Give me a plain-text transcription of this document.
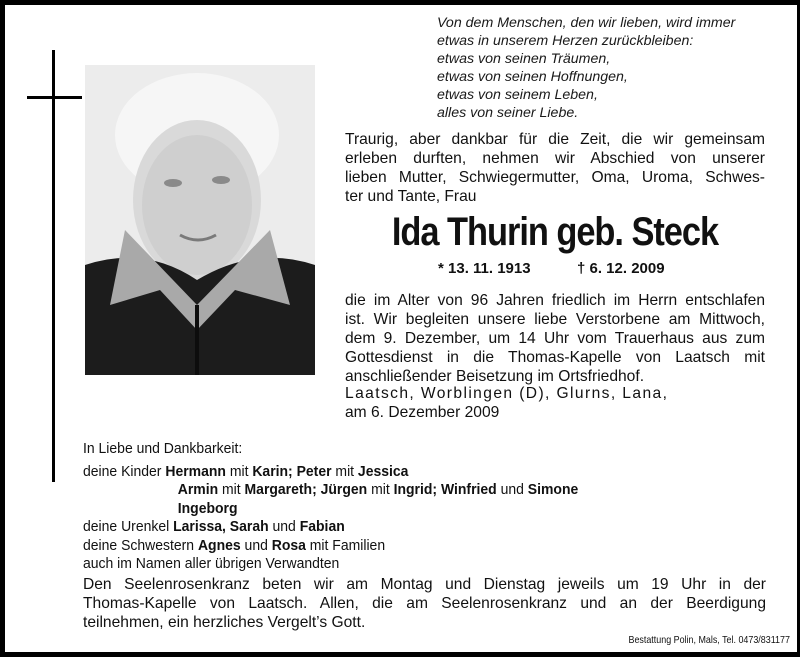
Von dem Menschen, den wir lieben, wird immer
etwas in unserem Herzen zurückbleiben:
etwas von seinen Träumen,
etwas von seinen Hoffnungen,
etwas von seinem Leben,
alles von seiner Liebe.
Traurig, aber dankbar für die Zeit, die wir gemeinsam
erleben durften, nehmen wir Abschied von unserer
lieben Mutter, Schwiegermutter, Oma, Uroma, Schwes-
ter und Tante, Frau
Ida Thurin geb. Steck
* 13. 11. 1913	† 6. 12. 2009
die im Alter von 96 Jahren friedlich im Herrn entschlafen
ist. Wir begleiten unsere liebe Verstorbene am Mittwoch,
dem 9. Dezember, um 14 Uhr vom Trauerhaus aus zum
Gottesdienst in die Thomas-Kapelle von Laatsch mit
anschließender Beisetzung im Ortsfriedhof.
Laatsch, Worblingen (D), Glurns, Lana,
am 6. Dezember 2009
In Liebe und Dankbarkeit:
deine Kinder Hermann mit Karin; Peter mit Jessica
Armin mit Margareth; Jürgen mit Ingrid; Winfried und Simone
Ingeborg
deine Urenkel Larissa, Sarah und Fabian
deine Schwestern Agnes und Rosa mit Familien
auch im Namen aller übrigen Verwandten
Den Seelenrosenkranz beten wir am Montag und Dienstag jeweils um 19 Uhr in der
Thomas-Kapelle von Laatsch. Allen, die am Seelenrosenkranz und an der Beerdigung
teilnehmen, ein herzliches Vergelt’s Gott.
Bestattung Polin, Mals, Tel. 0473/831177
